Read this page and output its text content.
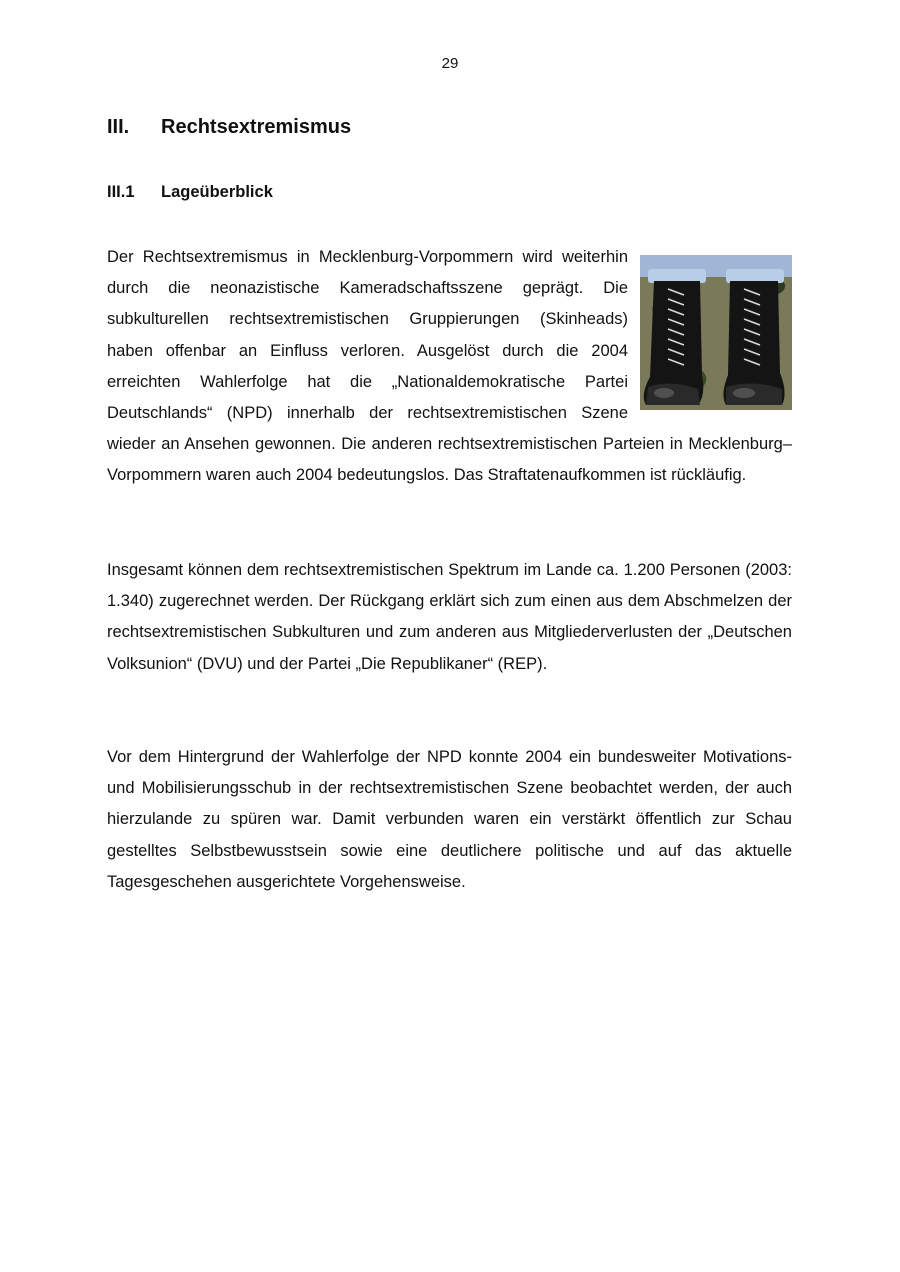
29
III.	Rechtsextremismus
III.1	Lageüberblick
Der Rechtsextremismus in Mecklenburg-Vorpommern wird weiterhin durch die neonazistische Kameradschaftsszene geprägt. Die subkulturellen rechtsextremistischen Gruppierungen (Skinheads) haben offenbar an Einfluss verloren. Ausgelöst durch die 2004 erreichten Wahlerfolge hat die „Nationaldemokratische Partei Deutschlands“ (NPD) innerhalb der rechtsextremistischen Szene wieder an Ansehen gewonnen. Die anderen rechtsextremistischen Parteien in Mecklenburg–Vorpommern waren auch 2004 bedeutungslos. Das Straftatenaufkommen ist rückläufig.

Insgesamt können dem rechtsextremistischen Spektrum im Lande ca. 1.200 Personen (2003: 1.340) zugerechnet werden. Der Rückgang erklärt sich zum einen aus dem Abschmelzen der rechtsextremistischen Subkulturen und zum anderen aus Mitgliederverlusten der „Deutschen Volksunion“ (DVU) und der Partei „Die Republikaner“ (REP).

Vor dem Hintergrund der Wahlerfolge der NPD konnte 2004 ein bundesweiter Motivations- und Mobilisierungsschub in der rechtsextremistischen Szene beobachtet werden, der auch hierzulande zu spüren war. Damit verbunden waren ein verstärkt öffentlich zur Schau gestelltes Selbstbewusstsein sowie eine deutlichere politische und auf das aktuelle Tagesgeschehen ausgerichtete Vorgehensweise.
